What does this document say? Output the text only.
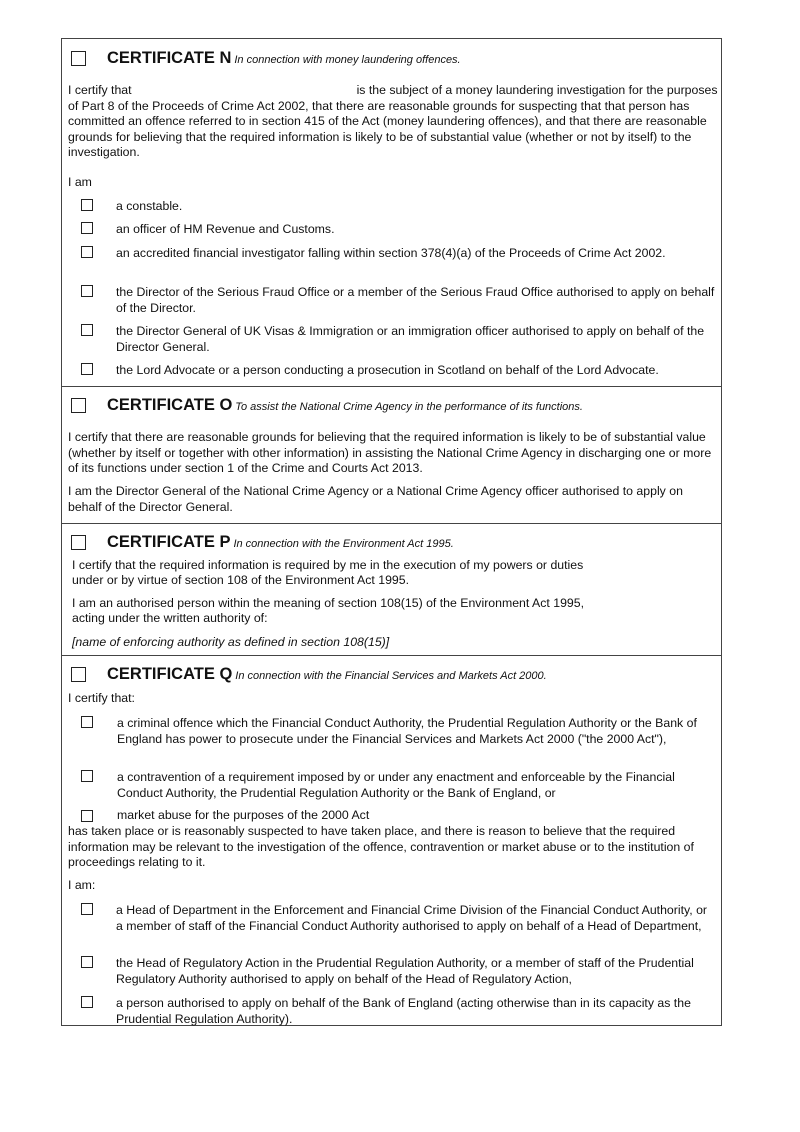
CERTIFICATE N In connection with money laundering offences.
I certify that	is the subject of a money laundering investigation for the purposes of Part 8 of the Proceeds of Crime Act 2002, that there are reasonable grounds for suspecting that that person has committed an offence referred to in section 415 of the Act (money laundering offences), and that there are reasonable grounds for believing that the required information is likely to be of substantial value (whether or not by itself) to the investigation.
I am
a constable.
an officer of HM Revenue and Customs.
an accredited financial investigator falling within section 378(4)(a) of the Proceeds of Crime Act 2002.
the Director of the Serious Fraud Office or a member of the Serious Fraud Office authorised to apply on behalf of the Director.
the Director General of UK Visas & Immigration or an immigration officer authorised to apply on behalf of the Director General.
the Lord Advocate or a person conducting a prosecution in Scotland on behalf of the Lord Advocate.
CERTIFICATE O To assist the National Crime Agency in the performance of its functions.
I certify that there are reasonable grounds for believing that the required information is likely to be of substantial value (whether by itself or together with other information) in assisting the National Crime Agency in discharging one or more of its functions under section 1 of the Crime and Courts Act 2013.
I am the Director General of the National Crime Agency or a National Crime Agency officer authorised to apply on behalf of the Director General.
CERTIFICATE P In connection with the Environment Act 1995.
I certify that the required information is required by me in the execution of my powers or duties
under or by virtue of section 108 of the Environment Act 1995.
I am an authorised person within the meaning of section 108(15) of the Environment Act 1995,
acting under the written authority of:
[name of enforcing authority as defined in section 108(15)]
CERTIFICATE Q In connection with the Financial Services and Markets Act 2000.
I certify that:
a criminal offence which the Financial Conduct Authority, the Prudential Regulation Authority or the Bank of England has power to prosecute under the Financial Services and Markets Act 2000 ("the 2000 Act"),
a contravention of a requirement imposed by or under any enactment and enforceable by the Financial Conduct Authority, the Prudential Regulation Authority or the Bank of England, or
market abuse for the purposes of the 2000 Act
has taken place or is reasonably suspected to have taken place, and there is reason to believe that the required information may be relevant to the investigation of the offence, contravention or market abuse or to the institution of proceedings relating to it.
I am:
a Head of Department in the Enforcement and Financial Crime Division of the Financial Conduct Authority, or a member of staff of the Financial Conduct Authority authorised to apply on behalf of a Head of Department,
the Head of Regulatory Action in the Prudential Regulation Authority, or a member of staff of the Prudential Regulatory Authority authorised to apply on behalf of the Head of Regulatory Action,
a person authorised to apply on behalf of the Bank of England (acting otherwise than in its capacity as the Prudential Regulation Authority).
